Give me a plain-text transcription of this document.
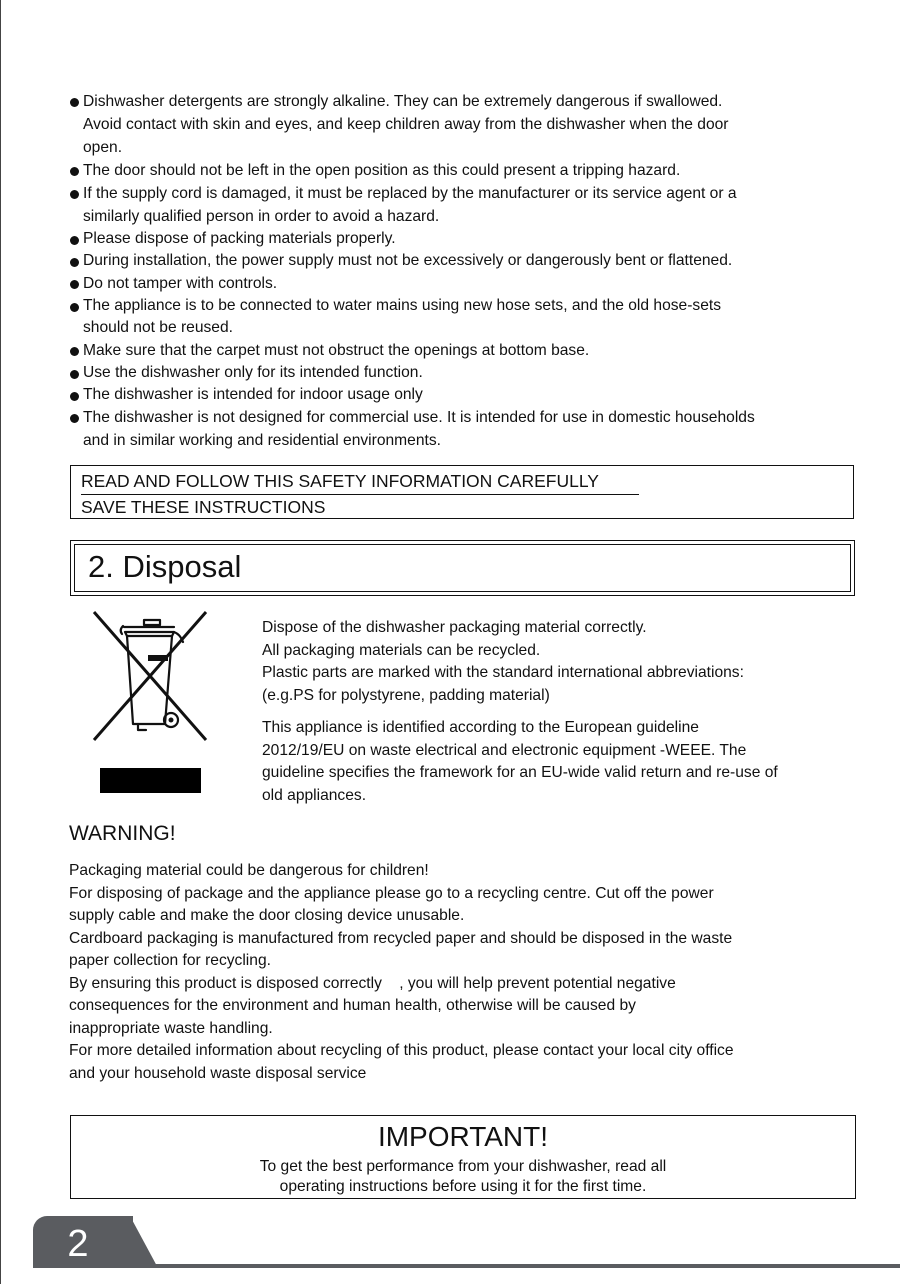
Dishwasher detergents are strongly alkaline. They can be extremely dangerous if swallowed.
Avoid contact with skin and eyes, and keep children away from the dishwasher when the door
open.
The door should not be left in the open position as this could present a tripping hazard.
If the supply cord is damaged, it must be replaced by the manufacturer or its service agent or a
similarly qualified person in order to avoid a hazard.
Please dispose of packing materials properly.
During installation, the power supply must not be excessively or dangerously bent or flattened.
Do not tamper with controls.
The appliance is to be connected to water mains using new hose sets, and the old hose-sets
should not be reused.
Make sure that the carpet must not obstruct the openings at bottom base.
Use the dishwasher only for its intended function.
The dishwasher is intended for indoor usage only
The dishwasher is not designed for commercial use. It is intended for use in domestic households
and in similar working and residential environments.
READ AND FOLLOW THIS SAFETY INFORMATION CAREFULLY
SAVE THESE INSTRUCTIONS
2. Disposal

Dispose of the dishwasher packaging material correctly.

All packaging materials can be recycled.

Plastic parts are marked with the standard international abbreviations:

(e.g.PS for polystyrene, padding material)

This appliance is identified according to the European guideline

2012/19/EU on waste electrical and electronic equipment -WEEE. The

guideline specifies the framework for an EU-wide valid return and re-use of

old appliances.

WARNING!

Packaging material could be dangerous for children!

For disposing of package and the appliance please go to a recycling centre. Cut off the power

supply cable and make the door closing device unusable.

Cardboard packaging is manufactured from recycled paper and should be disposed in the waste

paper collection for recycling.

By ensuring this product is disposed correctly    , you will help prevent potential negative

consequences for the environment and human health, otherwise will be caused by

inappropriate waste handling.

For more detailed information about recycling of this product, please contact your local city office

and your household waste disposal service

IMPORTANT!

To get the best performance from your dishwasher, read all
operating instructions before using it for the first time.

2
